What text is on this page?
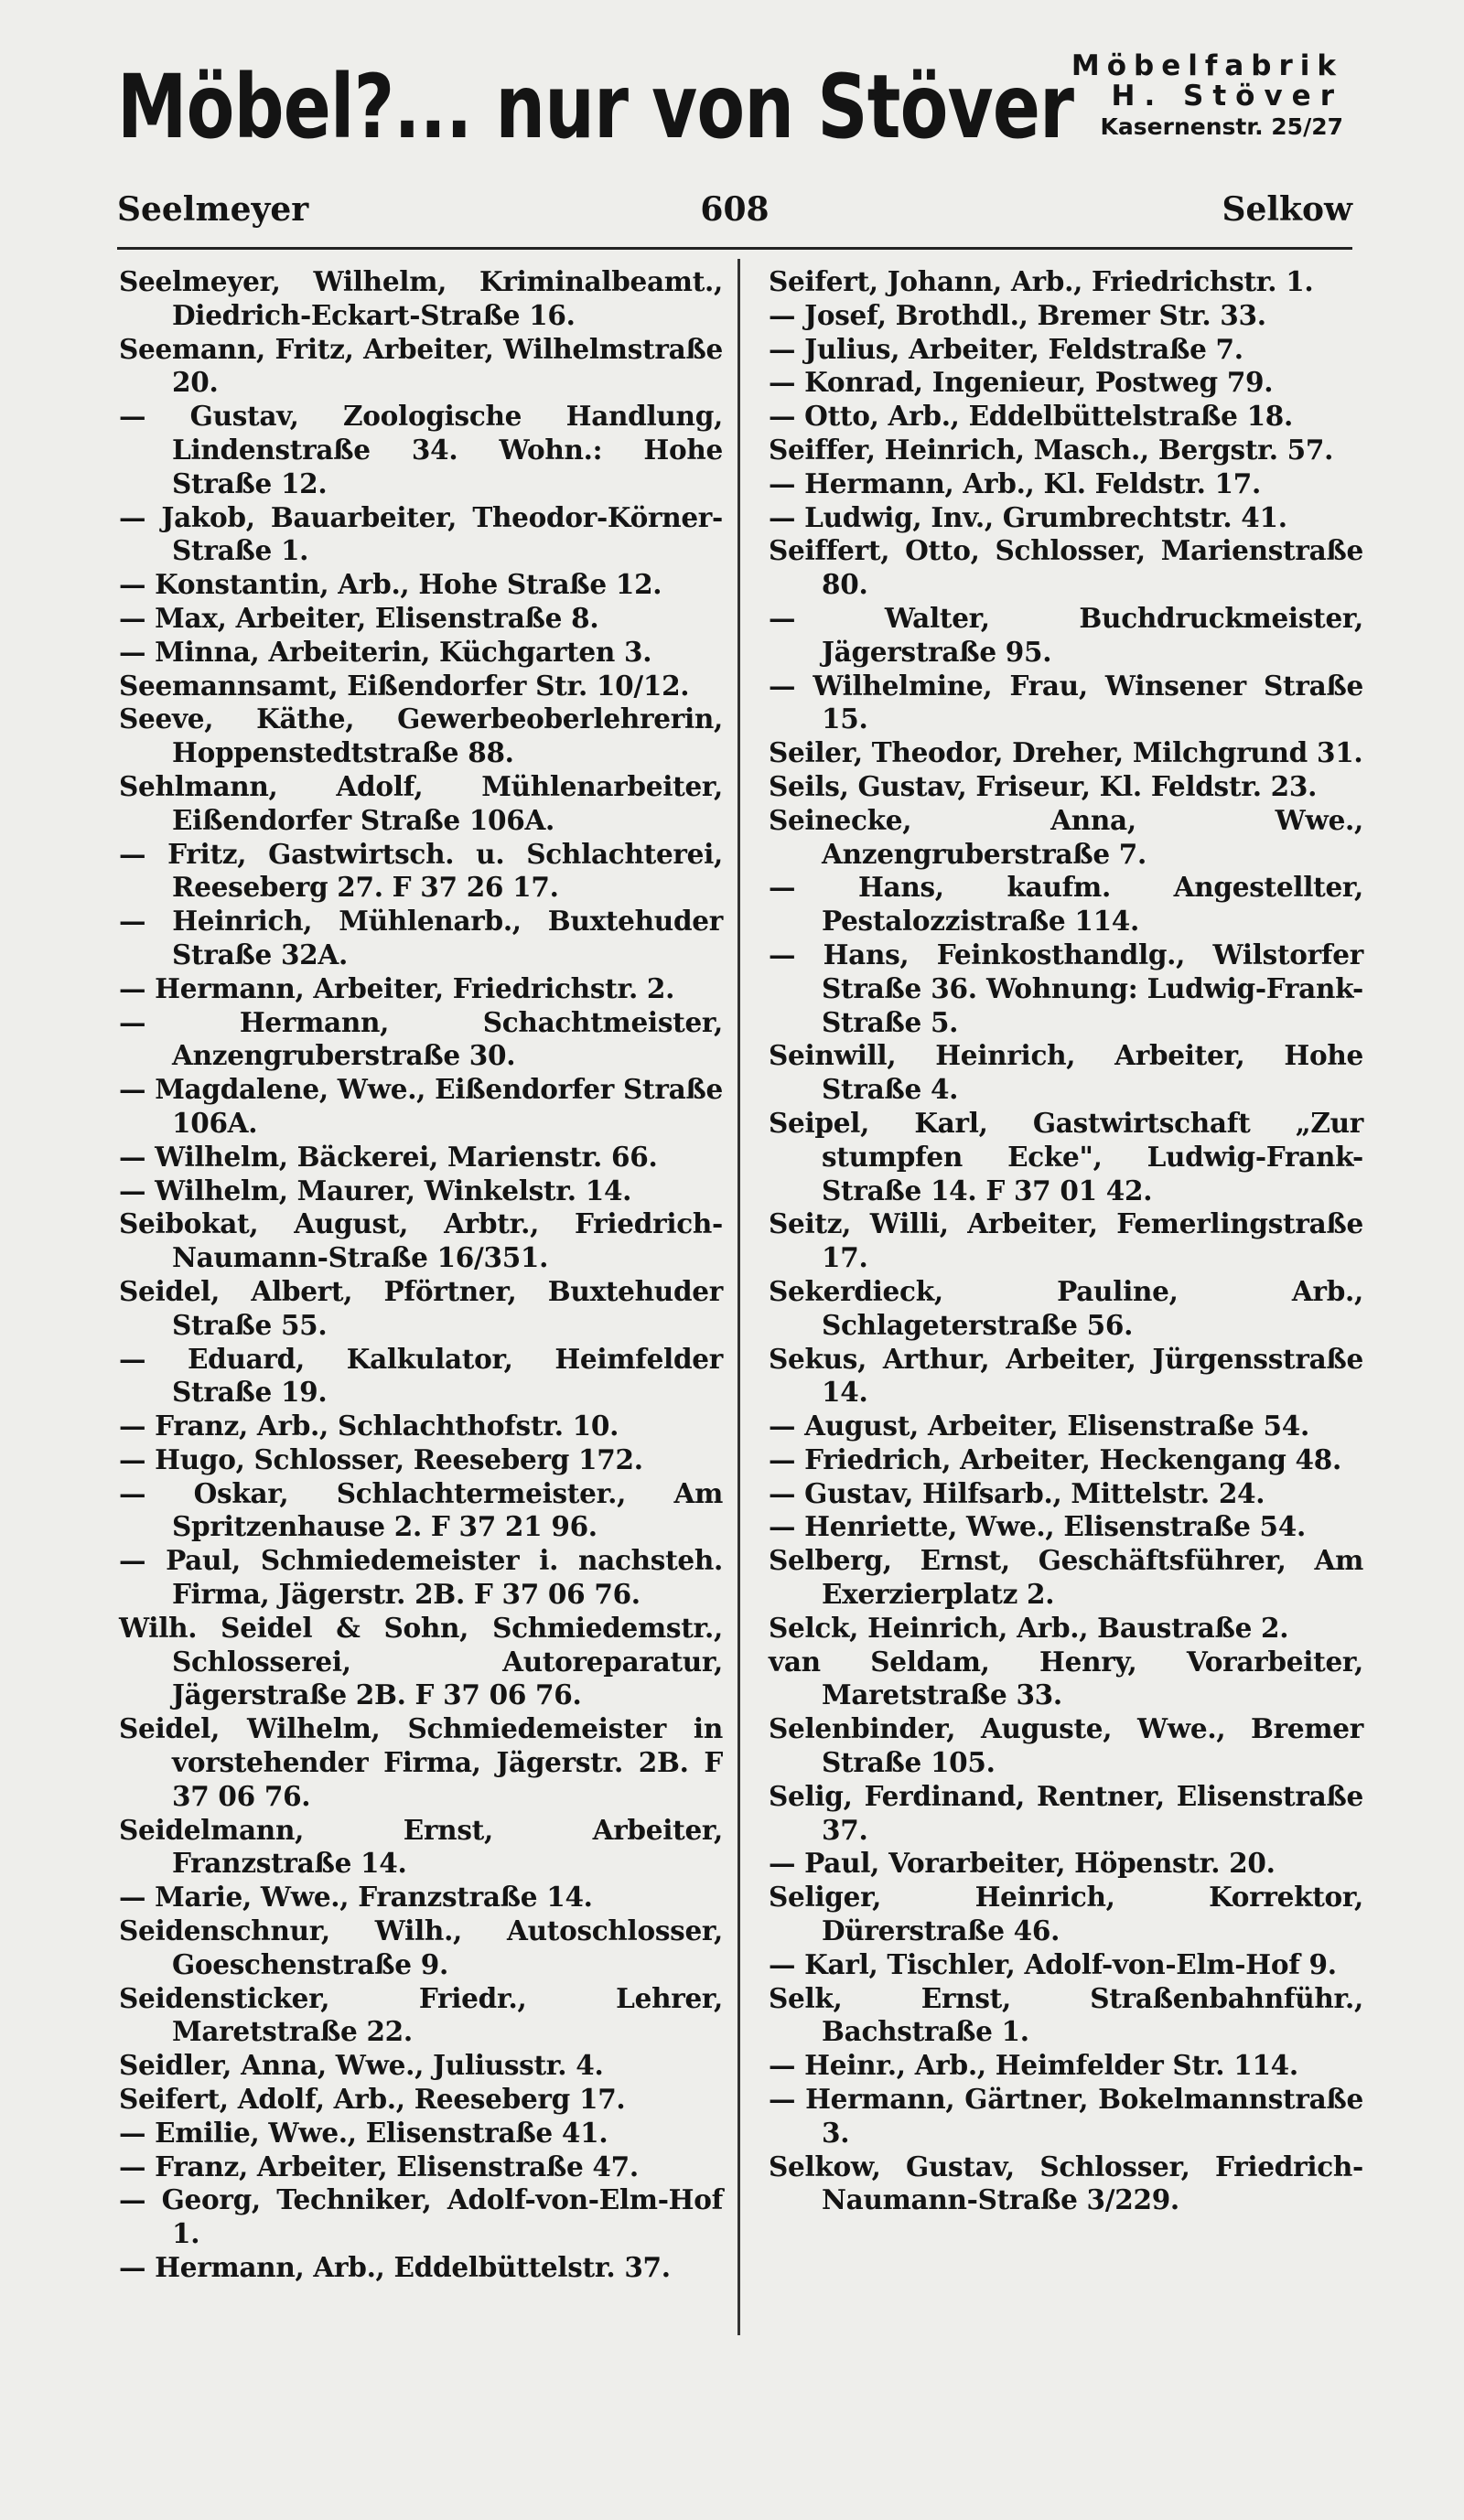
Möbel?... nur von Stöver
Möbelfabrik
H. Stöver
Kasernenstr. 25/27
Seelmeyer	608	Selkow

Seelmeyer, Wilhelm, Kriminalbeamt., Diedrich-Eckart-Straße 16.

Seemann, Fritz, Arbeiter, Wilhelmstraße 20.

— Gustav, Zoologische Handlung, Lindenstraße 34. Wohn.: Hohe Straße 12.

— Jakob, Bauarbeiter, Theodor-Körner-Straße 1.

— Konstantin, Arb., Hohe Straße 12.

— Max, Arbeiter, Elisenstraße 8.

— Minna, Arbeiterin, Küchgarten 3.

Seemannsamt, Eißendorfer Str. 10/12.

Seeve, Käthe, Gewerbeoberlehrerin, Hoppenstedtstraße 88.

Sehlmann, Adolf, Mühlenarbeiter, Eißendorfer Straße 106A.

— Fritz, Gastwirtsch. u. Schlachterei, Reeseberg 27. F 37 26 17.

— Heinrich, Mühlenarb., Buxtehuder Straße 32A.

— Hermann, Arbeiter, Friedrichstr. 2.

— Hermann, Schachtmeister, Anzengruberstraße 30.

— Magdalene, Wwe., Eißendorfer Straße 106A.

— Wilhelm, Bäckerei, Marienstr. 66.

— Wilhelm, Maurer, Winkelstr. 14.

Seibokat, August, Arbtr., Friedrich-Naumann-Straße 16/351.

Seidel, Albert, Pförtner, Buxtehuder Straße 55.

— Eduard, Kalkulator, Heimfelder Straße 19.

— Franz, Arb., Schlachthofstr. 10.

— Hugo, Schlosser, Reeseberg 172.

— Oskar, Schlachtermeister., Am Spritzenhause 2. F 37 21 96.

— Paul, Schmiedemeister i. nachsteh. Firma, Jägerstr. 2B. F 37 06 76.

Wilh. Seidel & Sohn, Schmiedemstr., Schlosserei, Autoreparatur, Jägerstraße 2B. F 37 06 76.

Seidel, Wilhelm, Schmiedemeister in vorstehender Firma, Jägerstr. 2B. F 37 06 76.

Seidelmann, Ernst, Arbeiter, Franzstraße 14.

— Marie, Wwe., Franzstraße 14.

Seidenschnur, Wilh., Autoschlosser, Goeschenstraße 9.

Seidensticker, Friedr., Lehrer, Maretstraße 22.

Seidler, Anna, Wwe., Juliusstr. 4.

Seifert, Adolf, Arb., Reeseberg 17.

— Emilie, Wwe., Elisenstraße 41.

— Franz, Arbeiter, Elisenstraße 47.

— Georg, Techniker, Adolf-von-Elm-Hof 1.

— Hermann, Arb., Eddelbüttelstr. 37.

Seifert, Johann, Arb., Friedrichstr. 1.

— Josef, Brothdl., Bremer Str. 33.

— Julius, Arbeiter, Feldstraße 7.

— Konrad, Ingenieur, Postweg 79.

— Otto, Arb., Eddelbüttelstraße 18.

Seiffer, Heinrich, Masch., Bergstr. 57.

— Hermann, Arb., Kl. Feldstr. 17.

— Ludwig, Inv., Grumbrechtstr. 41.

Seiffert, Otto, Schlosser, Marienstraße 80.

— Walter, Buchdruckmeister, Jägerstraße 95.

— Wilhelmine, Frau, Winsener Straße 15.

Seiler, Theodor, Dreher, Milchgrund 31.

Seils, Gustav, Friseur, Kl. Feldstr. 23.

Seinecke, Anna, Wwe., Anzengruberstraße 7.

— Hans, kaufm. Angestellter, Pestalozzistraße 114.

— Hans, Feinkosthandlg., Wilstorfer Straße 36. Wohnung: Ludwig-Frank-Straße 5.

Seinwill, Heinrich, Arbeiter, Hohe Straße 4.

Seipel, Karl, Gastwirtschaft „Zur stumpfen Ecke", Ludwig-Frank-Straße 14. F 37 01 42.

Seitz, Willi, Arbeiter, Femerlingstraße 17.

Sekerdieck, Pauline, Arb., Schlageterstraße 56.

Sekus, Arthur, Arbeiter, Jürgensstraße 14.

— August, Arbeiter, Elisenstraße 54.

— Friedrich, Arbeiter, Heckengang 48.

— Gustav, Hilfsarb., Mittelstr. 24.

— Henriette, Wwe., Elisenstraße 54.

Selberg, Ernst, Geschäftsführer, Am Exerzierplatz 2.

Selck, Heinrich, Arb., Baustraße 2.

van Seldam, Henry, Vorarbeiter, Maretstraße 33.

Selenbinder, Auguste, Wwe., Bremer Straße 105.

Selig, Ferdinand, Rentner, Elisenstraße 37.

— Paul, Vorarbeiter, Höpenstr. 20.

Seliger, Heinrich, Korrektor, Dürerstraße 46.

— Karl, Tischler, Adolf-von-Elm-Hof 9.

Selk, Ernst, Straßenbahnführ., Bachstraße 1.

— Heinr., Arb., Heimfelder Str. 114.

— Hermann, Gärtner, Bokelmannstraße 3.

Selkow, Gustav, Schlosser, Friedrich-Naumann-Straße 3/229.
